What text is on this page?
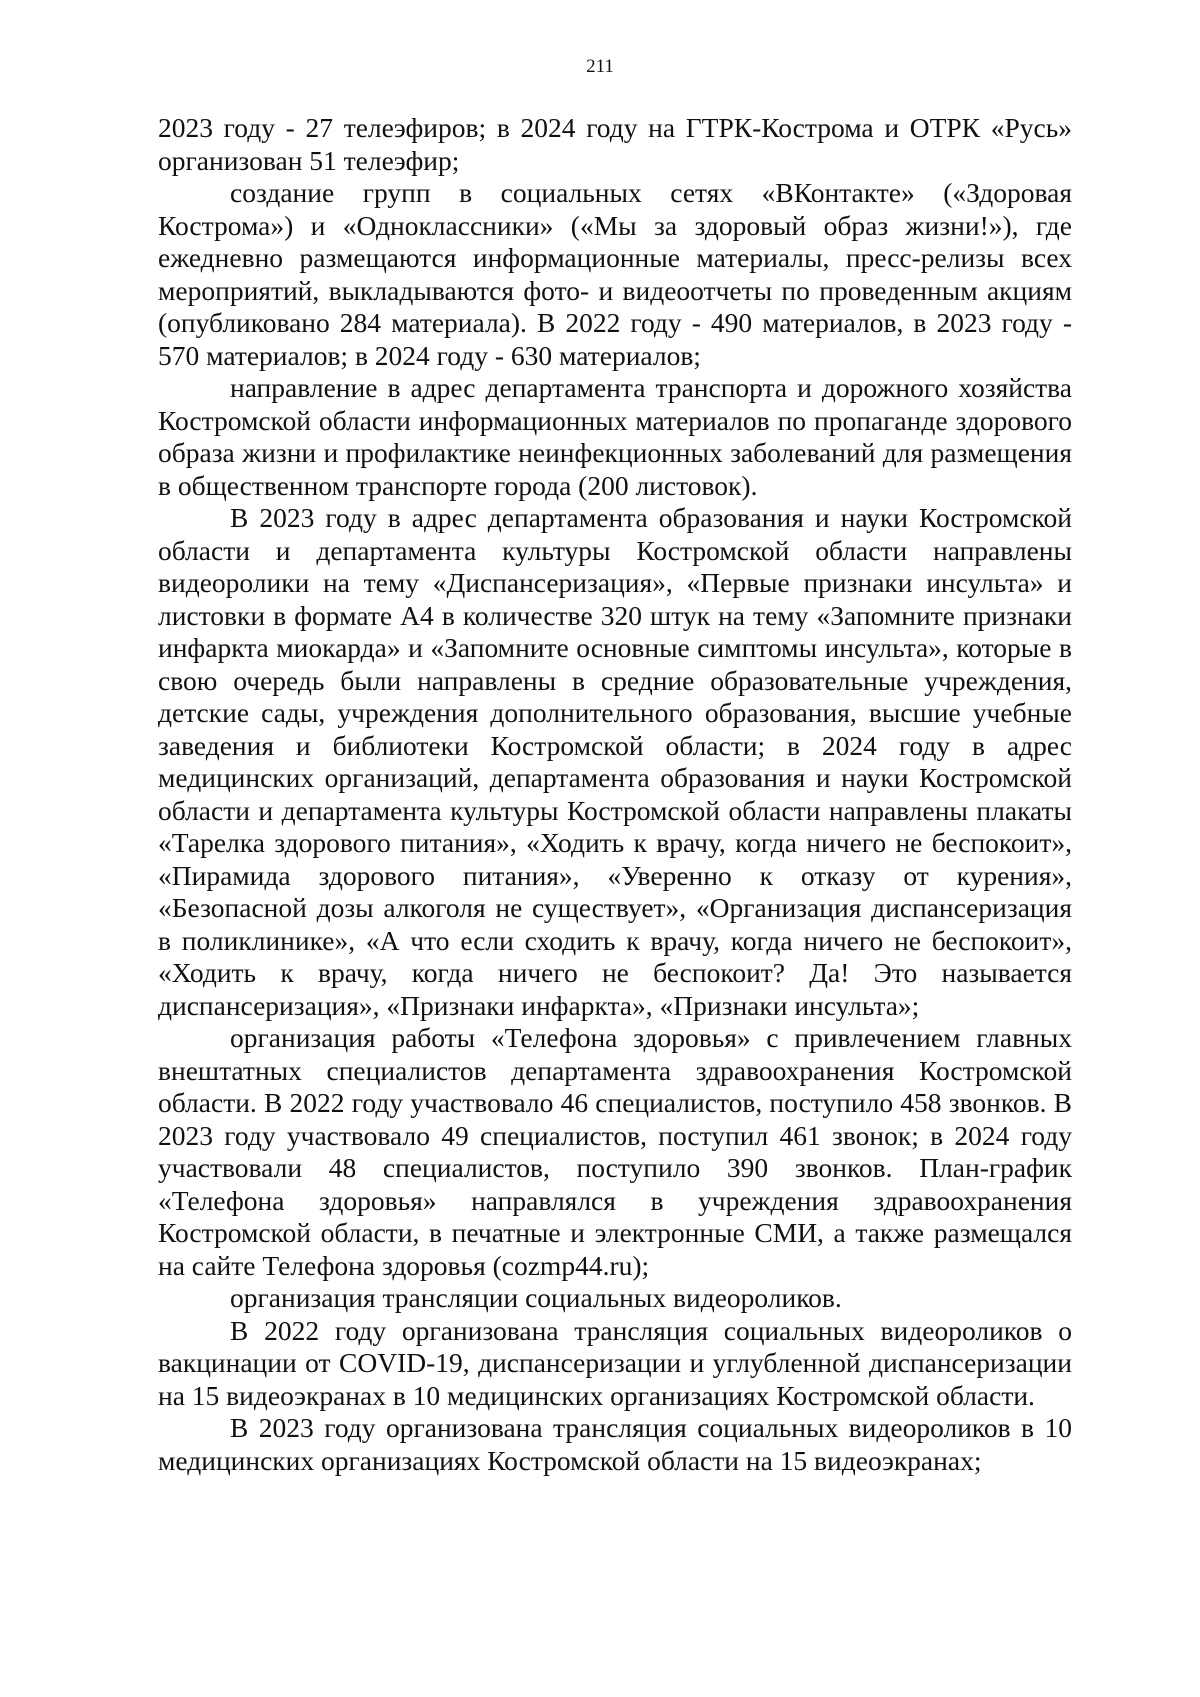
211

2023 году - 27 телеэфиров; в 2024 году на ГТРК-Кострома и ОТРК «Русь» организован 51 телеэфир;

создание групп в социальных сетях «ВКонтакте» («Здоровая Кострома») и «Одноклассники» («Мы за здоровый образ жизни!»), где ежедневно размещаются информационные материалы, пресс-релизы всех мероприятий, выкладываются фото- и видеоотчеты по проведенным акциям (опубликовано 284 материала). В 2022 году - 490 материалов, в 2023 году - 570 материалов; в 2024 году - 630 материалов;

направление в адрес департамента транспорта и дорожного хозяйства Костромской области информационных материалов по пропаганде здорового образа жизни и профилактике неинфекционных заболеваний для размещения в общественном транспорте города (200 листовок).

В 2023 году в адрес департамента образования и науки Костромской области и департамента культуры Костромской области направлены видеоролики на тему «Диспансеризация», «Первые признаки инсульта» и листовки в формате А4 в количестве 320 штук на тему «Запомните признаки инфаркта миокарда» и «Запомните основные симптомы инсульта», которые в свою очередь были направлены в средние образовательные учреждения, детские сады, учреждения дополнительного образования, высшие учебные заведения и библиотеки Костромской области; в 2024 году в адрес медицинских организаций, департамента образования и науки Костромской области и департамента культуры Костромской области направлены плакаты «Тарелка здорового питания», «Ходить к врачу, когда ничего не беспокоит», «Пирамида здорового питания», «Уверенно к отказу от курения», «Безопасной дозы алкоголя не существует», «Организация диспансеризация в поликлинике», «А что если сходить к врачу, когда ничего не беспокоит», «Ходить к врачу, когда ничего не беспокоит? Да! Это называется диспансеризация», «Признаки инфаркта», «Признаки инсульта»;

организация работы «Телефона здоровья» с привлечением главных внештатных специалистов департамента здравоохранения Костромской области. В 2022 году участвовало 46 специалистов, поступило 458 звонков. В 2023 году участвовало 49 специалистов, поступил 461 звонок; в 2024 году участвовали 48 специалистов, поступило 390 звонков. План-график «Телефона здоровья» направлялся в учреждения здравоохранения Костромской области, в печатные и электронные СМИ, а также размещался на сайте Телефона здоровья (cozmp44.ru);

организация трансляции социальных видеороликов.

В 2022 году организована трансляция социальных видеороликов о вакцинации от COVID-19, диспансеризации и углубленной диспансеризации на 15 видеоэкранах в 10 медицинских организациях Костромской области.

В 2023 году организована трансляция социальных видеороликов в 10 медицинских организациях Костромской области на 15 видеоэкранах;
